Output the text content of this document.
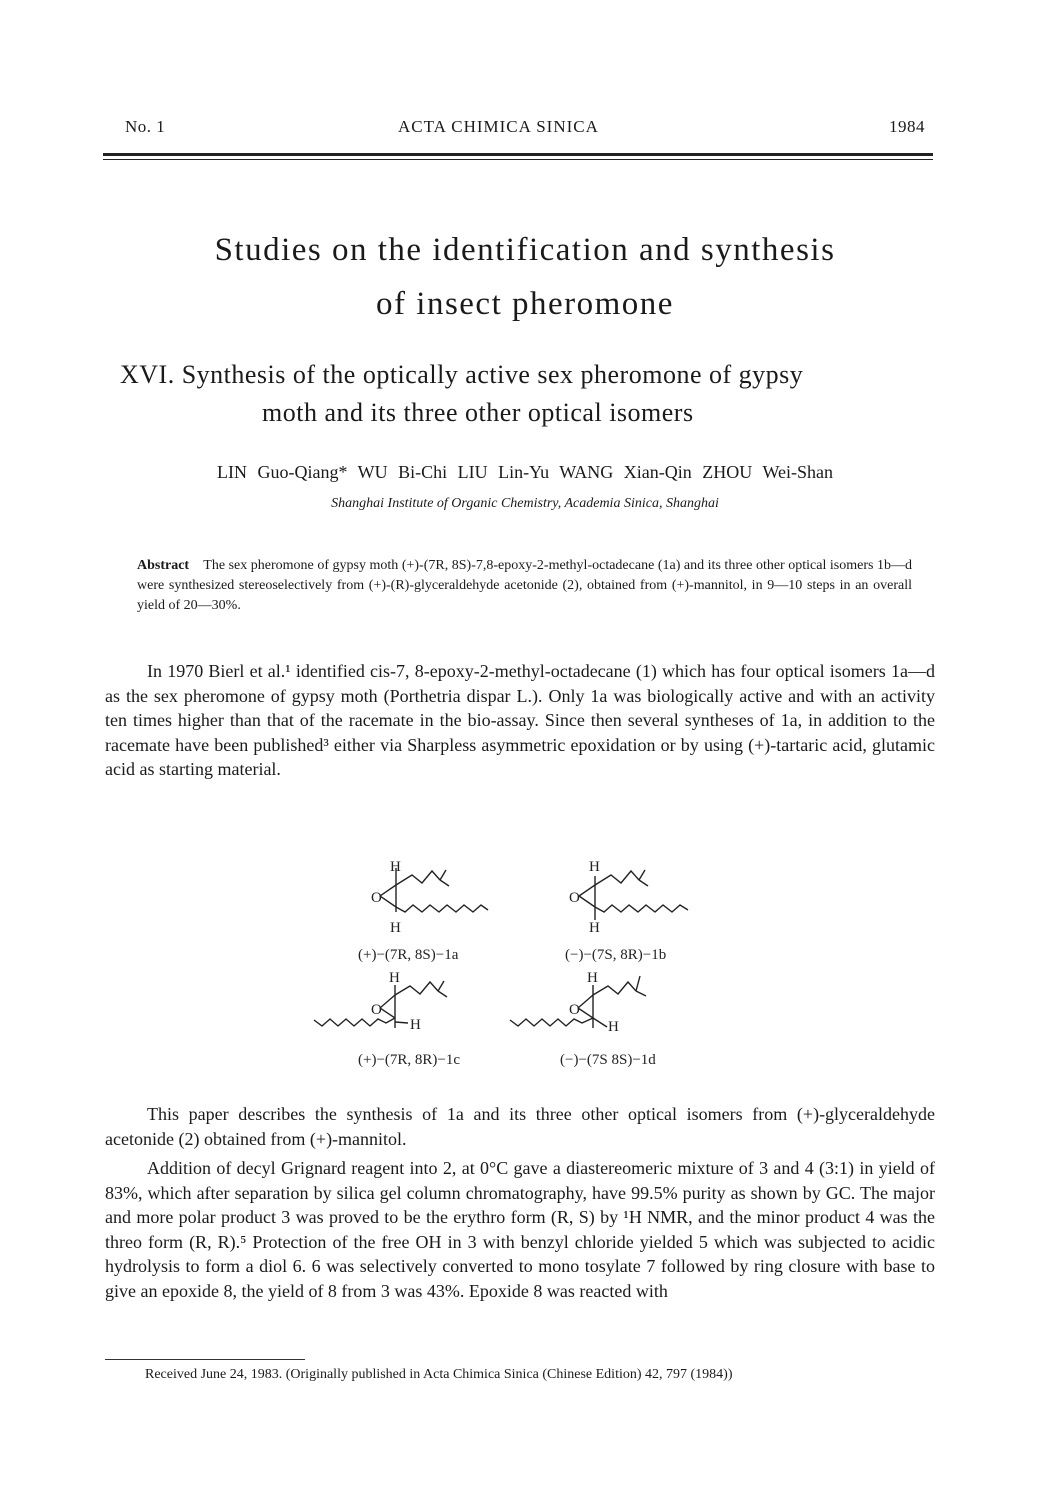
No. 1	ACTA CHIMICA SINICA	1984
Studies on the identification and synthesis
of insect pheromone
XVI. Synthesis of the optically active sex pheromone of gypsy
moth and its three other optical isomers
LIN Guo-Qiang* WU Bi-Chi LIU Lin-Yu WANG Xian-Qin ZHOU Wei-Shan
Shanghai Institute of Organic Chemistry, Academia Sinica, Shanghai
Abstract The sex pheromone of gypsy moth (+)-(7R, 8S)-7,8-epoxy-2-methyl-octadecane (1a) and its three other optical isomers 1b—d were synthesized stereoselectively from (+)-(R)-glyceraldehyde acetonide (2), obtained from (+)-mannitol, in 9—10 steps in an overall yield of 20—30%.
In 1970 Bierl et al.¹ identified cis-7, 8-epoxy-2-methyl-octadecane (1) which has four optical isomers 1a—d as the sex pheromone of gypsy moth (Porthetria dispar L.). Only 1a was biologically active and with an activity ten times higher than that of the racemate in the bio-assay. Since then several syntheses of 1a, in addition to the racemate have been published³ either via Sharpless asymmetric epoxidation or by using (+)-tartaric acid, glutamic acid as starting material.
H
O
H
H
O
H
H
O
H
H
O
H
(+)−(7R, 8S)−1a	(−)−(7S, 8R)−1b
(+)−(7R, 8R)−1c	(−)−(7S 8S)−1d
This paper describes the synthesis of 1a and its three other optical isomers from (+)-glyceraldehyde acetonide (2) obtained from (+)-mannitol.
Addition of decyl Grignard reagent into 2, at 0°C gave a diastereomeric mixture of 3 and 4 (3:1) in yield of 83%, which after separation by silica gel column chromatography, have 99.5% purity as shown by GC. The major and more polar product 3 was proved to be the erythro form (R, S) by ¹H NMR, and the minor product 4 was the threo form (R, R).⁵ Protection of the free OH in 3 with benzyl chloride yielded 5 which was subjected to acidic hydrolysis to form a diol 6. 6 was selectively converted to mono tosylate 7 followed by ring closure with base to give an epoxide 8, the yield of 8 from 3 was 43%. Epoxide 8 was reacted with
Received June 24, 1983. (Originally published in Acta Chimica Sinica (Chinese Edition) 42, 797 (1984))
